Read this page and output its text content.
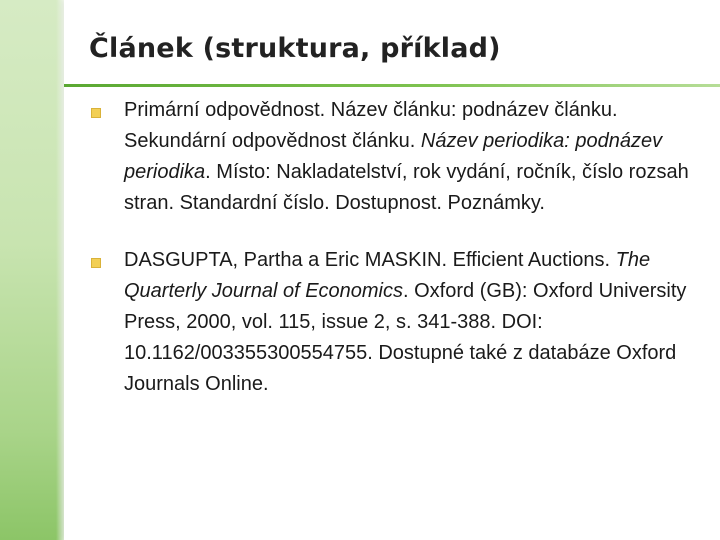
Článek (struktura, příklad)
Primární odpovědnost. Název článku: podnázev článku. Sekundární odpovědnost článku. Název periodika: podnázev periodika. Místo: Nakladatelství, rok vydání, ročník, číslo rozsah stran. Standardní číslo. Dostupnost. Poznámky.
DASGUPTA, Partha a Eric MASKIN. Efficient Auctions. The Quarterly Journal of Economics. Oxford (GB): Oxford University Press, 2000, vol. 115, issue 2, s. 341-388. DOI: 10.1162/003355300554755. Dostupné také z databáze Oxford Journals Online.
